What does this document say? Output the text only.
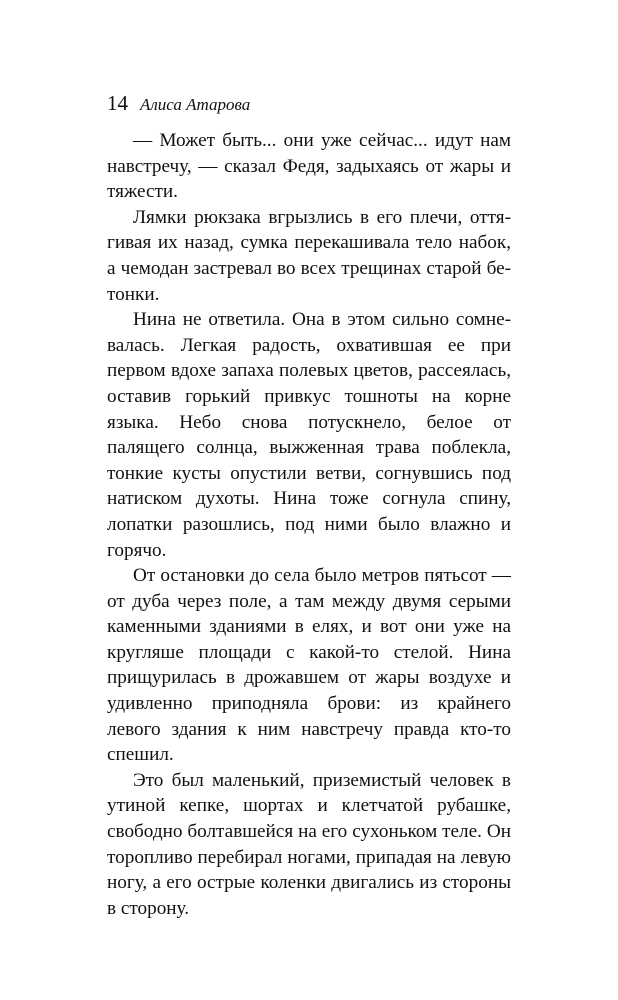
14 Алиса Атарова

— Может быть... они уже сейчас... идут нам навстречу, — сказал Федя, задыхаясь от жары и тяжести.

Лямки рюкзака вгрызлись в его плечи, оттягивая их назад, сумка перекашивала тело набок, а чемодан застревал во всех трещинах старой бетонки.

Нина не ответила. Она в этом сильно сомневалась. Легкая радость, охватившая ее при первом вдохе запаха полевых цветов, рассеялась, оставив горький привкус тошноты на корне языка. Небо снова потускнело, белое от палящего солнца, выжженная трава поблекла, тонкие кусты опустили ветви, согнувшись под натиском духоты. Нина тоже согнула спину, лопатки разошлись, под ними было влажно и горячо.

От остановки до села было метров пятьсот — от дуба через поле, а там между двумя серыми каменными зданиями в елях, и вот они уже на кругляше площади с какой-то стелой. Нина прищурилась в дрожавшем от жары воздухе и удивленно приподняла брови: из крайнего левого здания к ним навстречу правда кто-то спешил.

Это был маленький, приземистый человек в утиной кепке, шортах и клетчатой рубашке, свободно болтавшейся на его сухоньком теле. Он торопливо перебирал ногами, припадая на левую ногу, а его острые коленки двигались из стороны в сторону.
